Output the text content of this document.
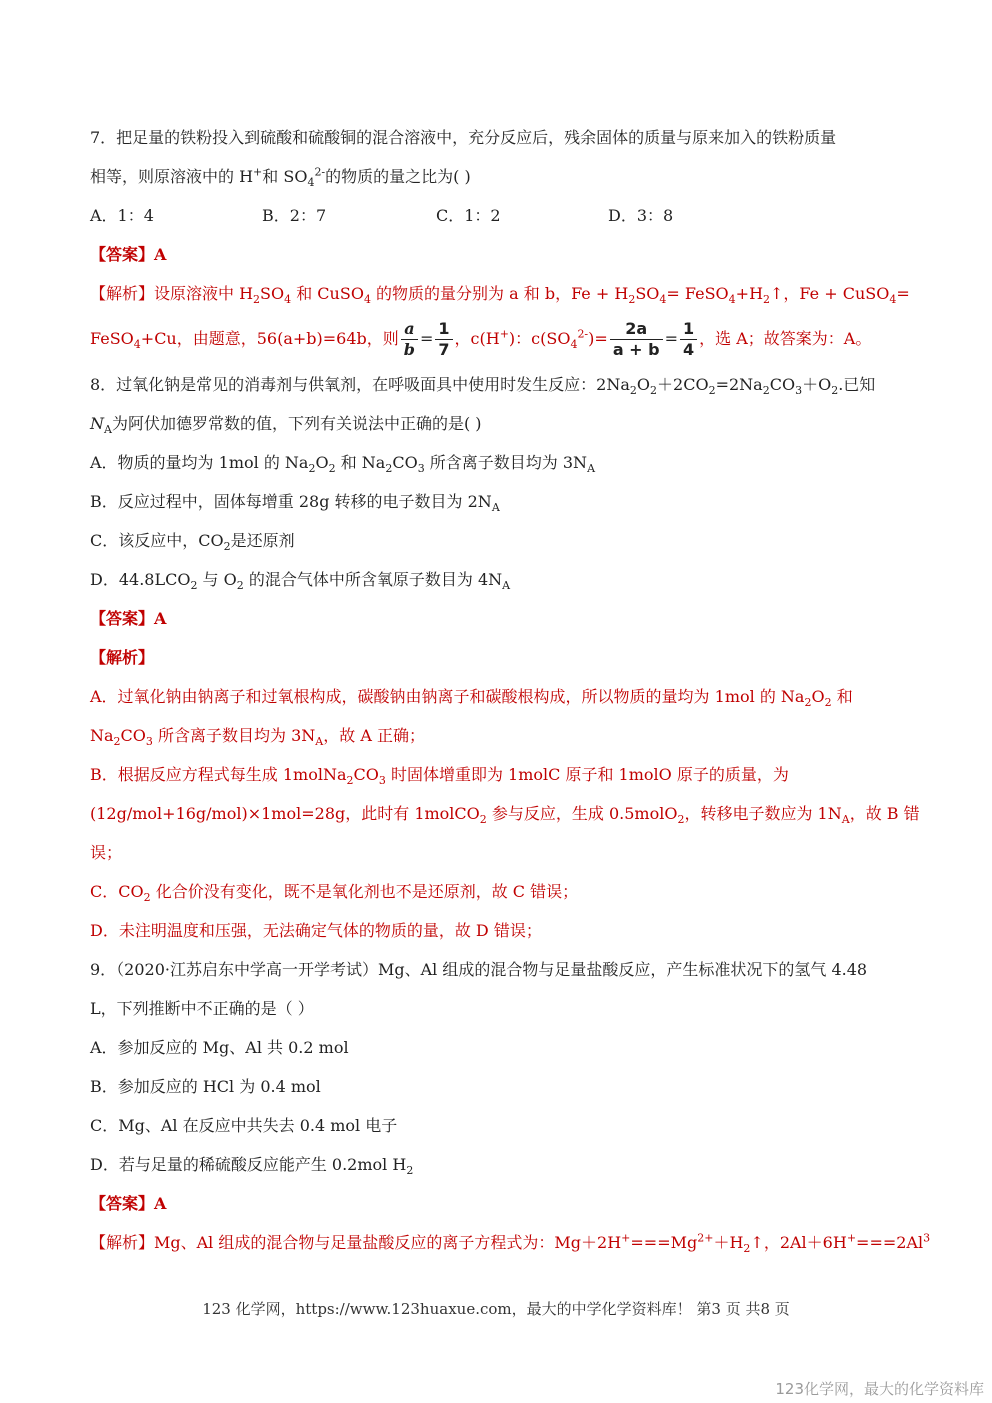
7．把足量的铁粉投入到硫酸和硫酸铜的混合溶液中，充分反应后，残余固体的质量与原来加入的铁粉质量
相等，则原溶液中的 H+和 $SO_4^{2-}$的物质的量之比为( )
A．1：4	B．2：7	C．1：2	D．3：8
【答案】A
【解析】设原溶液中 $H_2SO_4$ 和 CuSO$_4$ 的物质的量分别为 a 和 b，$Fe + H_2SO_4=$ $FeSO_4+H_2↑$，Fe + CuSO$_4$=
FeSO$_4$+Cu，由题意，56(a+b)=64b，则 $\frac{a}{b} = \frac{1}{7}$ ，c(H+)：$c(SO_4^{2-})= \frac{2a}{a + b} = \frac{1}{4}$ ，选 A；故答案为：A。
8．过氧化钠是常见的消毒剂与供氧剂，在呼吸面具中使用时发生反应：$2Na_2O_2+2CO_2=2Na_2CO_3+O_2$.已知
$N_A$为阿伏加德罗常数的值，下列有关说法中正确的是( )
A．物质的量均为 1mol 的 $Na_2O_2$ 和 $Na_2CO_3$ 所含离子数目均为 $3N_A$
B．反应过程中，固体每增重 28g 转移的电子数目为 $2N_A$
C．该反应中，$CO_2$是还原剂
D．$44.8LCO_2$ 与 $O_2$ 的混合气体中所含氧原子数目为 $4N_A$
【答案】A
【解析】
A．过氧化钠由钠离子和过氧根构成，碳酸钠由钠离子和碳酸根构成，所以物质的量均为 1mol 的 $Na_2O_2$ 和
$Na_2CO_3$ 所含离子数目均为 $3N_A$，故 A 正确；
B．根据反应方程式每生成 $1molNa_2CO_3$ 时固体增重即为 1molC 原子和 1molO 原子的质量，为
(12g/mol+16g/mol)×1mol=28g，此时有 1molCO$_2$ 参与反应，生成 0.5molO$_2$，转移电子数应为 $1N_A$，故 B 错
误；
C．$CO_2$ 化合价没有变化，既不是氧化剂也不是还原剂，故 C 错误；
D．未注明温度和压强，无法确定气体的物质的量，故 D 错误；
9．（2020·江苏启东中学高一开学考试）Mg、Al 组成的混合物与足量盐酸反应，产生标准状况下的氢气 4.48
L，下列推断中不正确的是（ ）
A．参加反应的 Mg、Al 共 0.2 mol
B．参加反应的 HCl 为 0.4 mol
C．Mg、Al 在反应中共失去 0.4 mol 电子
D．若与足量的稀硫酸反应能产生 0.2mol $H_2$
【答案】A
【解析】Mg、Al 组成的混合物与足量盐酸反应的离子方程式为：$Mg+2H^+===Mg^{2+}+H_2↑$，$2Al+6H^+===2Al^3$
123 化学网，https://www.123huaxue.com，最大的中学化学资料库！ 第3 页 共8 页
123化学网，最大的化学资料库
